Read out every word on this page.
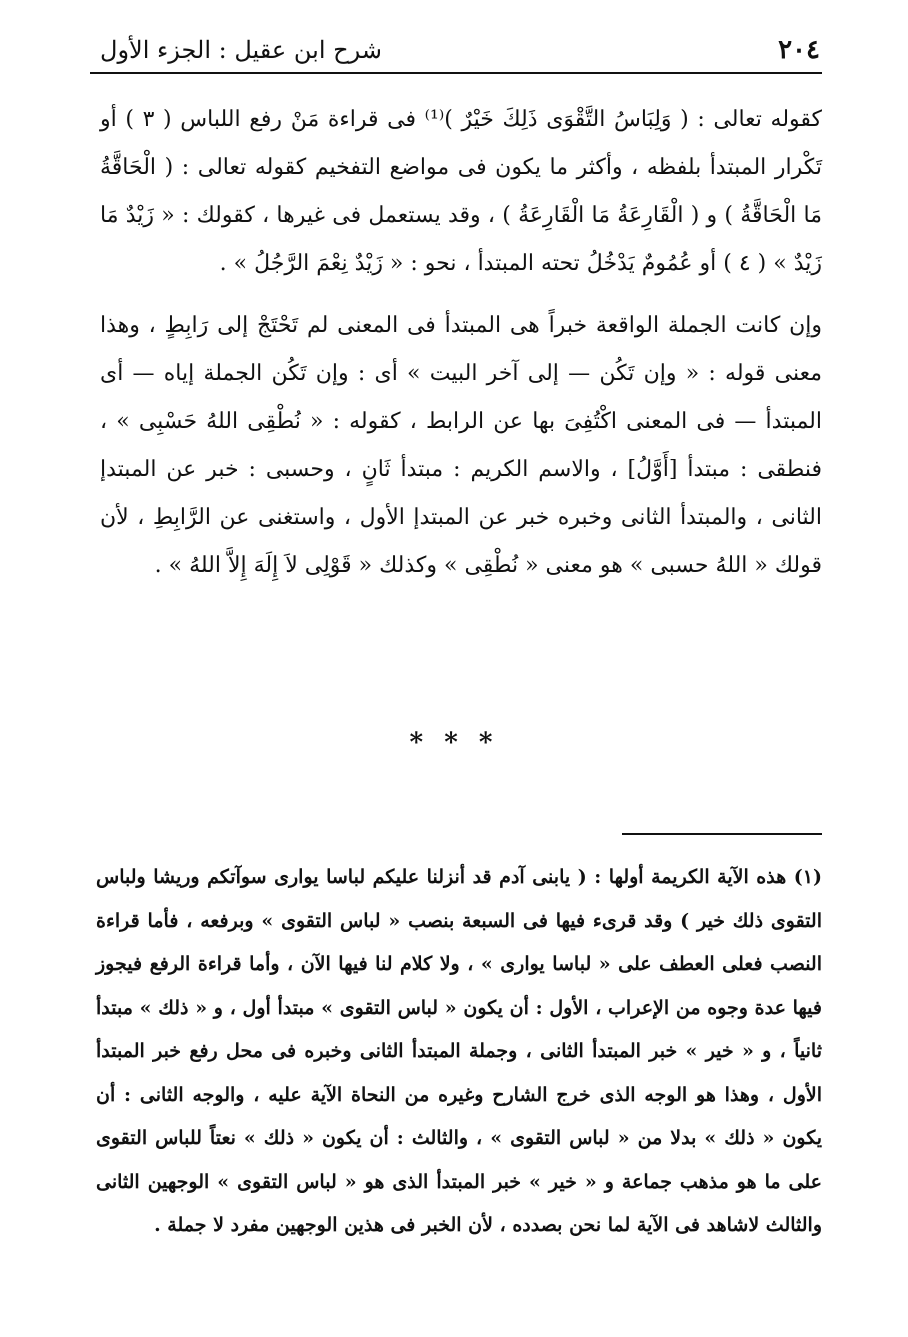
٢٠٤
شرح ابن عقيل : الجزء الأول

كقوله تعالى : ( وَلِبَاسُ التَّقْوَى ذَلِكَ خَيْرٌ )⁽¹⁾ فى قراءة مَنْ رفع اللباس ( ٣ ) أو تَكْرار المبتدأ بلفظه ، وأكثر ما يكون فى مواضع التفخيم كقوله تعالى : ( الْحَاقَّةُ مَا الْحَاقَّةُ ) و ( الْقَارِعَةُ مَا الْقَارِعَةُ ) ، وقد يستعمل فى غيرها ، كقولك : « زَيْدٌ مَا زَيْدٌ » ( ٤ ) أو عُمُومٌ يَدْخُلُ تحته المبتدأ ، نحو : « زَيْدٌ نِعْمَ الرَّجُلُ » .

وإن كانت الجملة الواقعة خبراً هى المبتدأ فى المعنى لم تَحْتَجْ إلى رَابِطٍ ، وهذا معنى قوله : « وإن تَكُن — إلى آخر البيت » أى : وإن تَكُن الجملة إياه — أى المبتدأ — فى المعنى اكْتُفِىَ بها عن الرابط ، كقوله : « نُطْقِى اللهُ حَسْبِى » ، فنطقى : مبتدأ [أَوَّلُ] ، والاسم الكريم : مبتدأ ثَانٍ ، وحسبى : خبر عن المبتدإ الثانى ، والمبتدأ الثانى وخبره خبر عن المبتدإ الأول ، واستغنى عن الرَّابِطِ ، لأن قولك « اللهُ حسبى » هو معنى « نُطْقِى » وكذلك « قَوْلِى لاَ إِلَهَ إِلاَّ اللهُ » .

* * *

(١) هذه الآية الكريمة أولها : ( يابنى آدم قد أنزلنا عليكم لباسا يوارى سوآتكم وريشا ولباس التقوى ذلك خير ) وقد قرىء فيها فى السبعة بنصب « لباس التقوى » وبرفعه ، فأما قراءة النصب فعلى العطف على « لباسا يوارى » ، ولا كلام لنا فيها الآن ، وأما قراءة الرفع فيجوز فيها عدة وجوه من الإعراب ، الأول : أن يكون « لباس التقوى » مبتدأ أول ، و « ذلك » مبتدأ ثانياً ، و « خير » خبر المبتدأ الثانى ، وجملة المبتدأ الثانى وخبره فى محل رفع خبر المبتدأ الأول ، وهذا هو الوجه الذى خرج الشارح وغيره من النحاة الآية عليه ، والوجه الثانى : أن يكون « ذلك » بدلا من « لباس التقوى » ، والثالث : أن يكون « ذلك » نعتاً للباس التقوى على ما هو مذهب جماعة و « خير » خبر المبتدأ الذى هو « لباس التقوى » الوجهين الثانى والثالث لاشاهد فى الآية لما نحن بصدده ، لأن الخبر فى هذين الوجهين مفرد لا جملة .
